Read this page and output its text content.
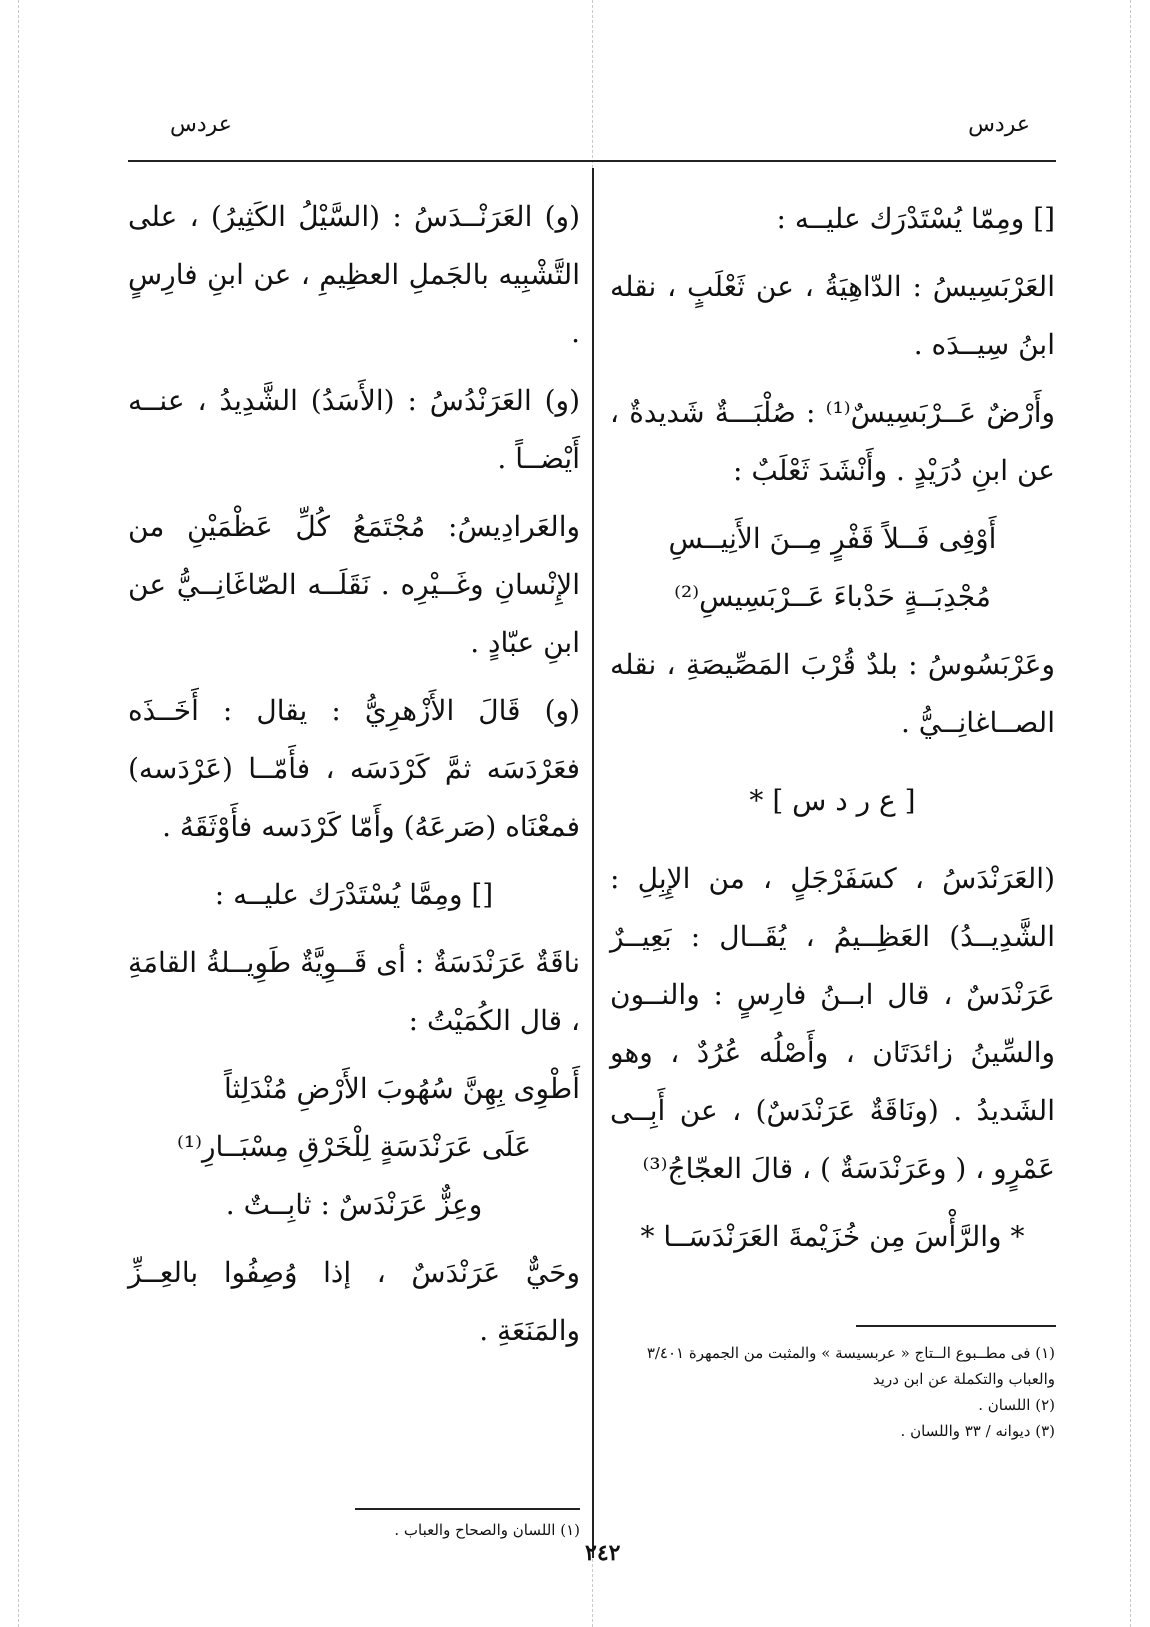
عردس
عردس

[] ومِمّا يُسْتَدْرَك عليــه :

العَرْبَسِيسُ : الدّاهِيَةُ ، عن ثَعْلَبٍ ، نقله ابنُ سِيــدَه .

وأَرْضٌ عَــرْبَسِيسٌ⁽¹⁾ : صُلْبَـــةٌ شَديدةٌ ، عن ابنِ دُرَيْدٍ . وأَنْشَدَ ثَعْلَبٌ :

أَوْفِى فَــلاً قَفْرٍ مِــنَ الأَنِيــسِ
مُجْدِبَــةٍ حَدْباءَ عَــرْبَسِيسِ⁽²⁾

وعَرْبَسُوسُ : بلدٌ قُرْبَ المَصِّيصَةِ ، نقله الصــاغانِــيُّ .

[ ع ر د س ] *

(العَرَنْدَسُ ، كسَفَرْجَلٍ ، من الإِبِلِ : الشَّدِيــدُ) العَظِــيمُ ، يُقَــال : بَعِيــرٌ عَرَنْدَسٌ ، قال ابــنُ فارِسٍ : والنــون والسِّينُ زائدَتَان ، وأَصْلُه عُرُدٌ ، وهو الشَديدُ . (ونَاقَةٌ عَرَنْدَسٌ) ، عن أَبِــى عَمْرٍو ، ( وعَرَنْدَسَةٌ ) ، قالَ العجّاجُ⁽³⁾

* والرَّأْسَ مِن خُزَيْمةَ العَرَنْدَسَــا *

(و) العَرَنْــدَسُ : (السَّيْلُ الكَثِيرُ) ، على التَّشْبِيه بالجَملِ العظِيمِ ، عن ابنِ فارِسٍ .

(و) العَرَنْدُسُ : (الأَسَدُ) الشَّدِيدُ ، عنــه أَيْضــاً .

والعَرادِيسُ: مُجْتَمَعُ كُلِّ عَظْمَيْنِ من الإِنْسانِ وغَــيْرِه . نَقَلَــه الصّاغَانِــيُّ عن ابنِ عبّادٍ .

(و) قَالَ الأَزْهرِيُّ : يقال : أَخَــذَه فعَرْدَسَه ثمَّ كَرْدَسَه ، فأَمّــا (عَرْدَسه) فمعْنَاه (صَرعَهُ) وأَمّا كَرْدَسه فأَوْثَقَهُ .

[] ومِمَّا يُسْتَدْرَك عليــه :

ناقَةٌ عَرَنْدَسَةٌ : أى قَــوِيَّةٌ طَوِيــلةُ القامَةِ ، قال الكُمَيْتُ :

أَطْوِى بِهِنَّ سُهُوبَ الأَرْضِ مُنْدَلِثاً
عَلَى عَرَنْدَسَةٍ لِلْخَرْقِ مِسْبَــارِ⁽¹⁾

وعِزٌّ عَرَنْدَسٌ : ثابِــتٌ .

وحَيٌّ عَرَنْدَسٌ ، إذا وُصِفُوا بالعِــزِّ والمَنَعَةِ .

(١) فى مطــبوع الــتاج « عربسيسة » والمثبت من الجمهرة ٣/٤٠١ والعباب والتكملة عن ابن دريد
(٢) اللسان .
(٣) ديوانه / ٣٣ واللسان .
(١) اللسان والصحاح والعباب .
٢٤٢
